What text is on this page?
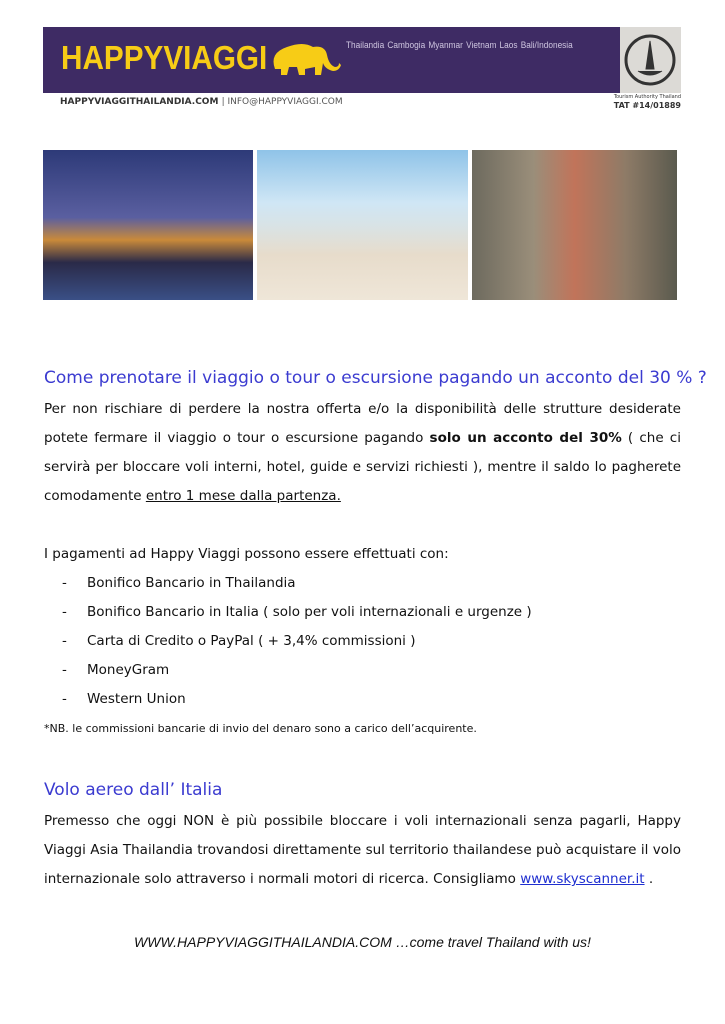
HAPPYVIAGGI	Thailandia Cambogia Myanmar Vietnam Laos Bali/Indonesia
HAPPYVIAGGITHAILANDIA.COM | INFO@HAPPYVIAGGI.COM	Tourism Authority Thailand
TAT #14/01889
Come prenotare il viaggio o tour o escursione pagando un acconto del 30 % ?

Per non rischiare di perdere la nostra offerta e/o la disponibilità delle strutture desiderate potete fermare il viaggio o tour o escursione pagando solo un acconto del 30% ( che ci servirà per bloccare voli interni, hotel, guide e servizi richiesti ), mentre il saldo lo pagherete comodamente entro 1 mese dalla partenza.

I pagamenti ad Happy Viaggi possono essere effettuati con:

- Bonifico Bancario in Thailandia
- Bonifico Bancario in Italia ( solo per voli internazionali e urgenze )
- Carta di Credito o PayPal ( + 3,4% commissioni )
- MoneyGram
- Western Union
*NB. le commissioni bancarie di invio del denaro sono a carico dell’acquirente.
Volo aereo dall’ Italia

Premesso che oggi NON è più possibile bloccare i voli internazionali senza pagarli, Happy Viaggi Asia Thailandia trovandosi direttamente sul territorio thailandese può acquistare il volo internazionale solo attraverso i normali motori di ricerca. Consigliamo www.skyscanner.it .

WWW.HAPPYVIAGGITHAILANDIA.COM …come travel Thailand with us!
